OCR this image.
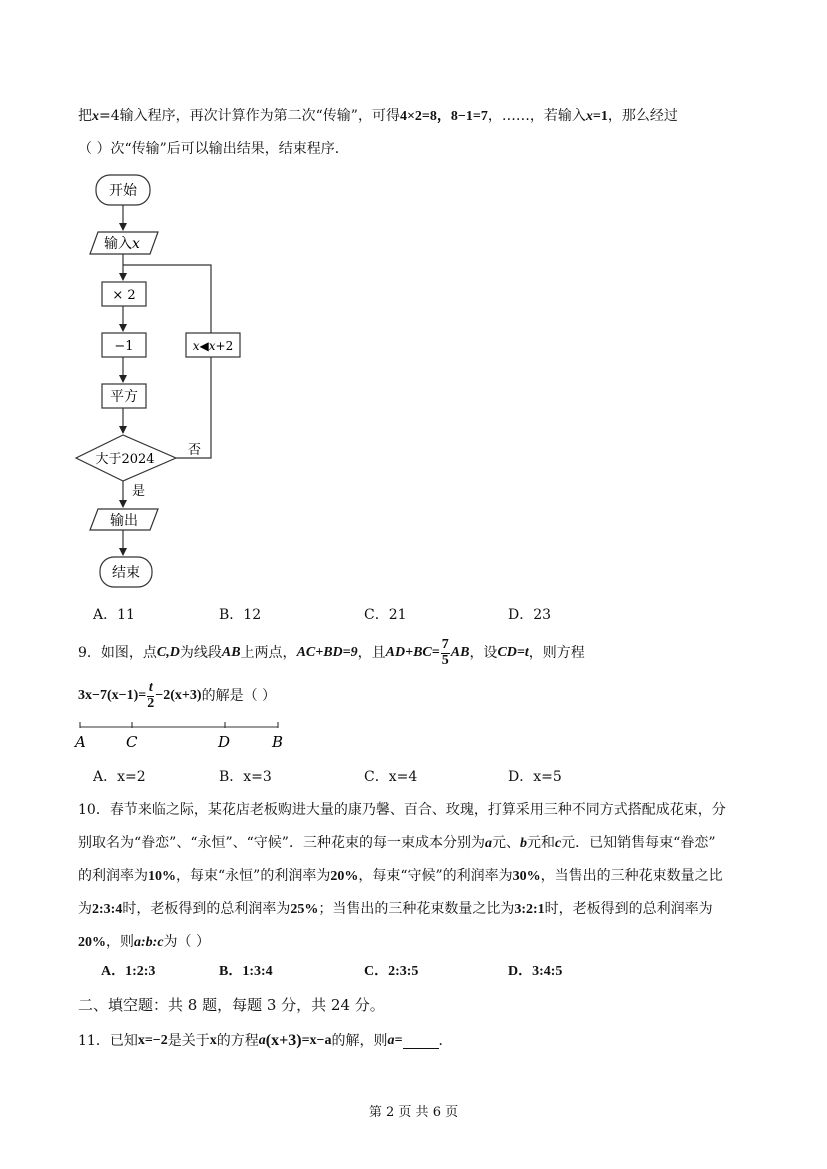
把x=4输入程序，再次计算作为第二次“传输”，可得4×2=8，8−1=7，……，若输入x=1，那么经过
（ ）次“传输”后可以输出结果，结束程序．
开始
输入x
× 2
−1
平方
大于2024
否
是
x◀x+2
输出
结束
A．11	B．12	C．21	D．23
9．如图，点 C,D 为线段 AB 上两点， AC+BD=9 ，且 $AD+BC= \frac{7}{5}$ AB ，设 CD=t ，则方程
3x−7 $(x-1) = \frac{t}{2} -2$ (x+3) 的解是（ ）
A	C	D	B
A．x=2	B．x=3	C．x=4	D．x=5
10．春节来临之际，某花店老板购进大量的康乃馨、百合、玫瑰，打算采用三种不同方式搭配成花束，分
别取名为“眷恋”、“永恒”、“守候”．三种花束的每一束成本分别为a元、b元和c元．已知销售每束“眷恋”
的利润率为10%，每束“永恒”的利润率为20%，每束“守候”的利润率为30%，当售出的三种花束数量之比
为2:3:4时，老板得到的总利润率为25%；当售出的三种花束数量之比为3:2:1时，老板得到的总利润率为
20%，则a:b:c为（ ）
A．1:2:3	B．1:3:4	C．2:3:5	D．3:4:5
二、填空题：共 8 题，每题 3 分，共 24 分。
11．已知 x=−2 是关于 x 的方程 a (x+3) =x−a 的解，则 a=	．
第 2 页 共 6 页
